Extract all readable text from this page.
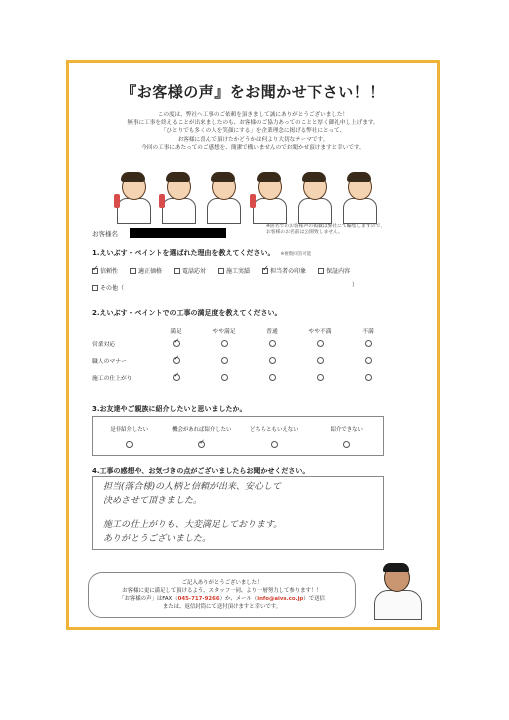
『お客様の声』をお聞かせ下さい！！
この度は、弊社へ工事のご依頼を頂きまして誠にありがとうございました！
無事に工事を終えることが出来ましたのも、お客様のご協力あってのことと厚く御礼申し上げます。
「ひとりでも多くの人を笑顔にする」を企業理念に掲げる弊社にとって、
お客様に喜んで頂けたかどうかは何より大切なテーマです。
今回の工事にあたってのご感想を、簡潔で構いませんのでお聞かせ頂けますと幸いです。
お客様名
※匿名でのお客様声の掲載は弊社にて編集しますので、お客様のお名前は公開致しません。
1.えいぶす・ペイントを選ばれた理由を教えてください。 ※複数回答可能
✓
信頼性	適正価格	電話応対	施工実績
✓	担当者の印象	保証内容
その他（	）
2.えいぶす・ペイントでの工事の満足度を教えてください。
満足	やや満足	普通	やや不満	不満
営業対応
✓
職人のマナー
✓
施工の仕上がり
✓
3.お友達やご親族に紹介したいと思いましたか。
是非紹介したい	機会があれば紹介したい	どちらともいえない	紹介できない
✓
4.工事の感想や、お気づきの点がございましたらお聞かせください。
担当(落合様)の人柄と信頼が出来、安心して
決めさせて頂きました。
施工の仕上がりも、大変満足しております。
ありがとうございました。
ご記入ありがとうございました！
お客様に更に満足して頂けるよう、スタッフ一同、より一層努力して参ります！！
「お客様の声」はFAX（045-717-9266）か、メール（info@aivs.co.jp）で送信
または、返信封筒にて送付頂けますと幸いです。
